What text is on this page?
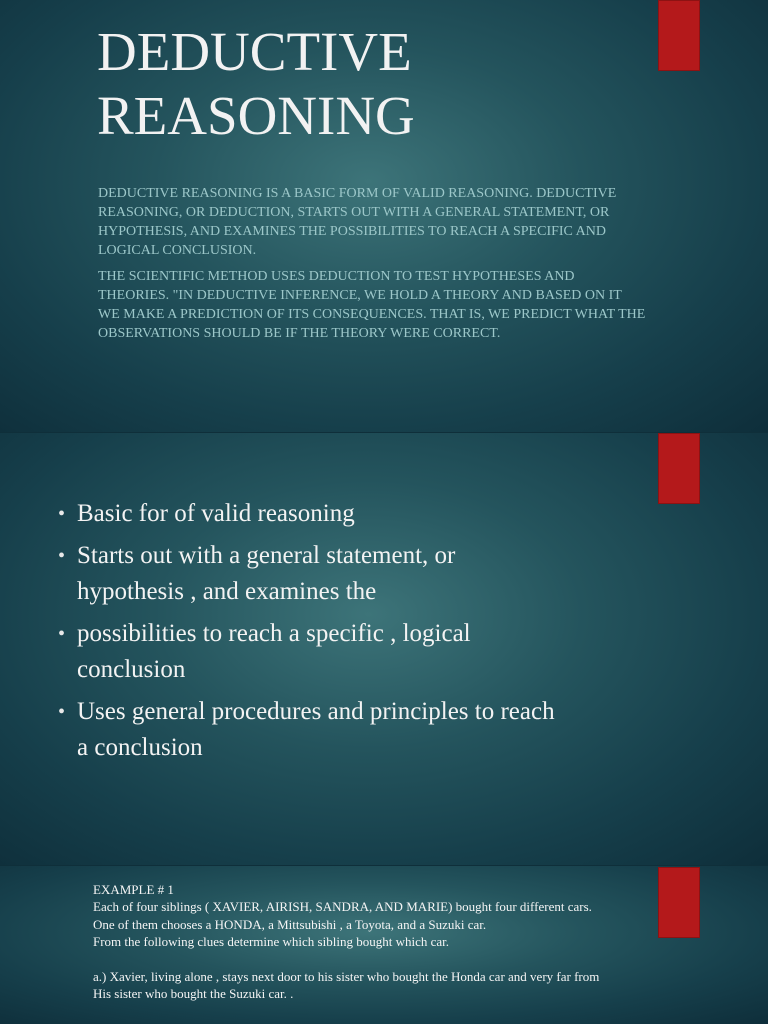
DEDUCTIVE
REASONING

DEDUCTIVE REASONING IS A BASIC FORM OF VALID REASONING. DEDUCTIVE REASONING, OR DEDUCTION, STARTS OUT WITH A GENERAL STATEMENT, OR HYPOTHESIS, AND EXAMINES THE POSSIBILITIES TO REACH A SPECIFIC AND LOGICAL CONCLUSION.

THE SCIENTIFIC METHOD USES DEDUCTION TO TEST HYPOTHESES AND THEORIES. "IN DEDUCTIVE INFERENCE, WE HOLD A THEORY AND BASED ON IT WE MAKE A PREDICTION OF ITS CONSEQUENCES. THAT IS, WE PREDICT WHAT THE OBSERVATIONS SHOULD BE IF THE THEORY WERE CORRECT.

• Basic for of valid reasoning
• Starts out with a general statement, or hypothesis , and examines the
• possibilities to reach a specific , logical conclusion
• Uses general procedures and principles to reach a conclusion
EXAMPLE # 1
Each of four siblings ( XAVIER, AIRISH, SANDRA, AND MARIE) bought four different cars.
One of them chooses a HONDA, a Mittsubishi , a Toyota, and a Suzuki car.
From the following clues determine which sibling bought which car.
a.) Xavier, living alone , stays next door to his sister who bought the Honda car and very far from
His sister who bought the Suzuki car. .
